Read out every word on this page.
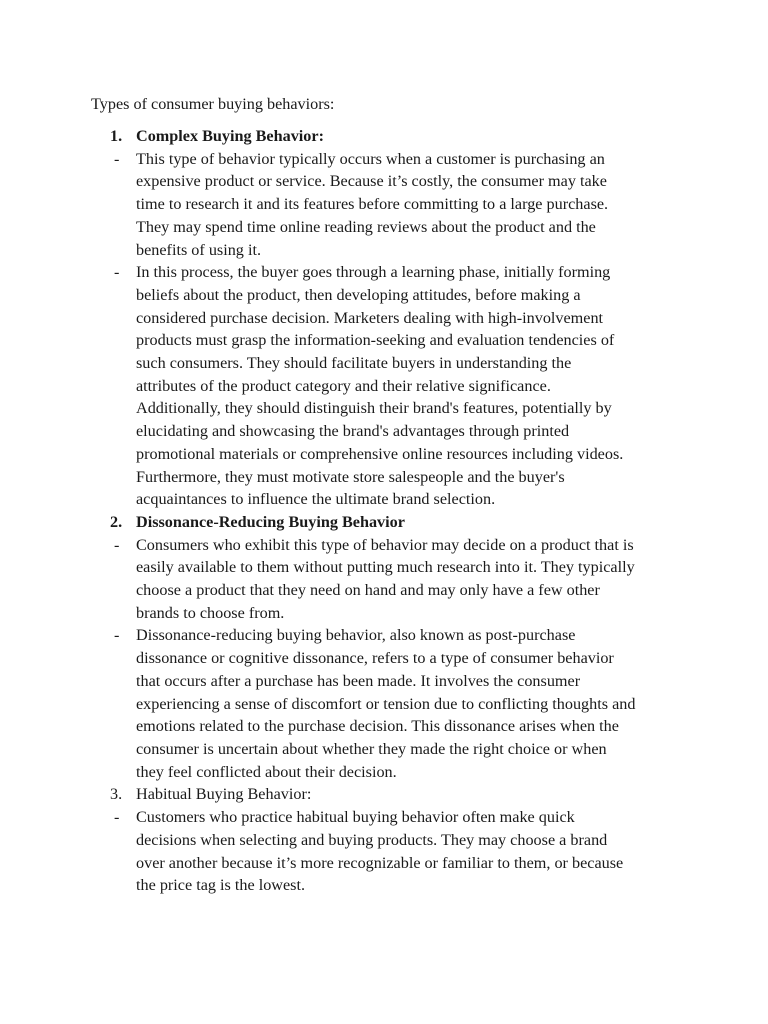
Types of consumer buying behaviors:
1. Complex Buying Behavior:
- This type of behavior typically occurs when a customer is purchasing an
expensive product or service. Because it’s costly, the consumer may take
time to research it and its features before committing to a large purchase.
They may spend time online reading reviews about the product and the
benefits of using it.
- In this process, the buyer goes through a learning phase, initially forming
beliefs about the product, then developing attitudes, before making a
considered purchase decision. Marketers dealing with high-involvement
products must grasp the information-seeking and evaluation tendencies of
such consumers. They should facilitate buyers in understanding the
attributes of the product category and their relative significance.
Additionally, they should distinguish their brand's features, potentially by
elucidating and showcasing the brand's advantages through printed
promotional materials or comprehensive online resources including videos.
Furthermore, they must motivate store salespeople and the buyer's
acquaintances to influence the ultimate brand selection.
2. Dissonance-Reducing Buying Behavior
- Consumers who exhibit this type of behavior may decide on a product that is
easily available to them without putting much research into it. They typically
choose a product that they need on hand and may only have a few other
brands to choose from.
- Dissonance-reducing buying behavior, also known as post-purchase
dissonance or cognitive dissonance, refers to a type of consumer behavior
that occurs after a purchase has been made. It involves the consumer
experiencing a sense of discomfort or tension due to conflicting thoughts and
emotions related to the purchase decision. This dissonance arises when the
consumer is uncertain about whether they made the right choice or when
they feel conflicted about their decision.
3. Habitual Buying Behavior:
- Customers who practice habitual buying behavior often make quick
decisions when selecting and buying products. They may choose a brand
over another because it’s more recognizable or familiar to them, or because
the price tag is the lowest.
